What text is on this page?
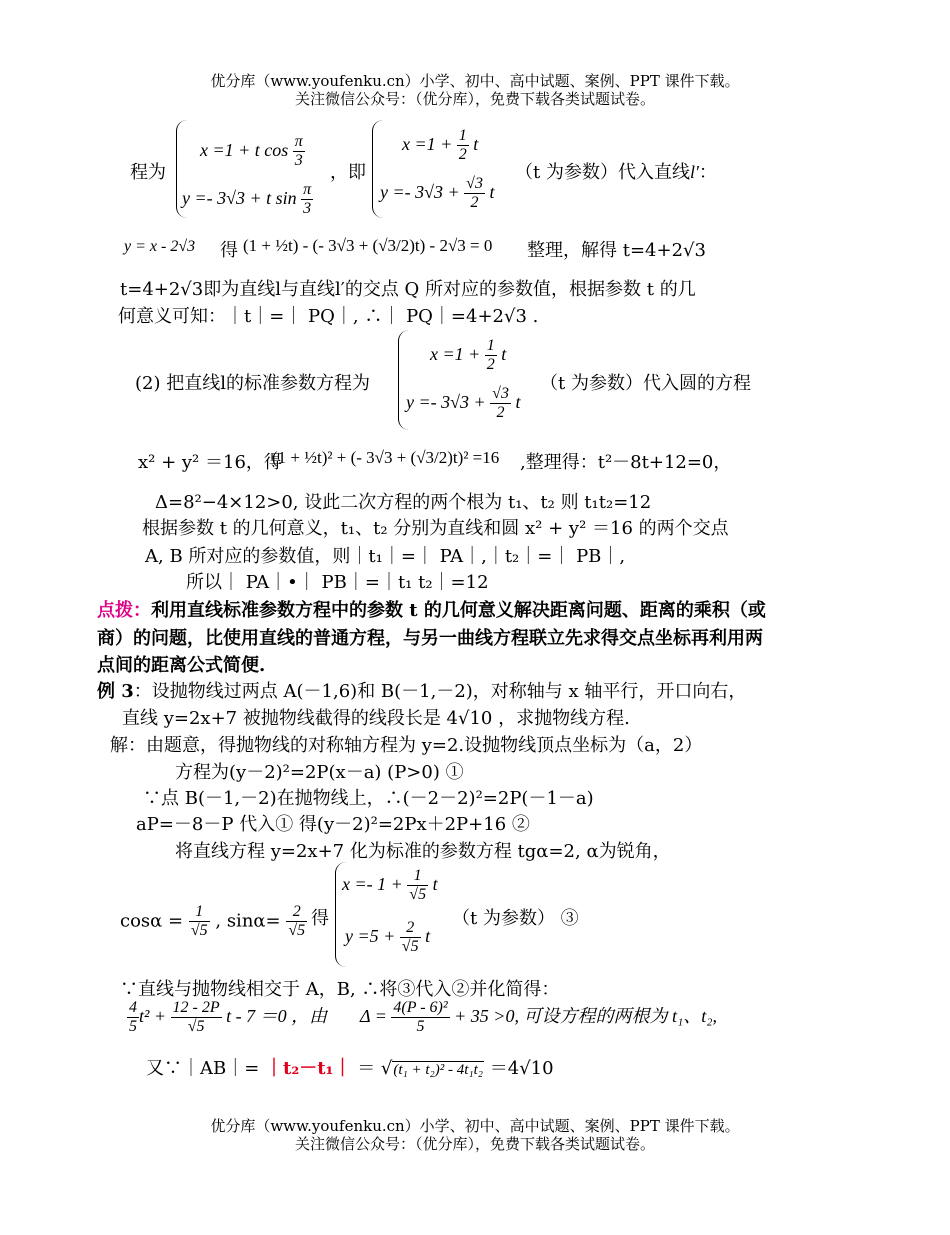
优分库（www.youfenku.cn）小学、初中、高中试题、案例、PPT 课件下载。
关注微信公众号：（优分库），免费下载各类试题试卷。
程为
x =1 + t $\cos \frac{\pi}{3}$
y =- 3√3 + t $\sin \frac{\pi}{3}$
，即
$x =1 + \frac{1}{2}$ t
$y =- 3√3 + \frac{√3}{2}$ t
（t 为参数）代入直线l′：
y = x - 2√3 得 (1 + ½t) - (- 3√3 + (√3/2)t) - 2√3 = 0 整理，解得 t=4+2√3
t=4+2√3即为直线l与直线l′的交点 Q 所对应的参数值，根据参数 t 的几
何意义可知：｜t｜=｜ PQ｜, ∴｜ PQ｜=4+2√3 .
(2) 把直线l的标准参数方程为
$x =1 + \frac{1}{2}$ t
$y =- 3√3 + \frac{√3}{2}$ t
（t 为参数）代入圆的方程
x² + y² ＝16，得
(1 + ½t)² + (- 3√3 + (√3/2)t)² =16 ,整理得：t²－8t+12=0，
Δ=8²−4×12>0, 设此二次方程的两个根为 t₁、t₂ 则 t₁t₂=12
根据参数 t 的几何意义，t₁、t₂ 分别为直线和圆 x² + y² ＝16 的两个交点
A, B 所对应的参数值，则｜t₁｜=｜ PA｜,｜t₂｜=｜ PB｜,
所以｜ PA｜•｜ PB｜=｜t₁ t₂｜=12
点拨：利用直线标准参数方程中的参数 t 的几何意义解决距离问题、距离的乘积（或
商）的问题，比使用直线的普通方程，与另一曲线方程联立先求得交点坐标再利用两
点间的距离公式简便.
例 3：设抛物线过两点 A(－1,6)和 B(－1,－2)，对称轴与 x 轴平行，开口向右，
直线 y=2x+7 被抛物线截得的线段长是 4√10 ，求抛物线方程.
解：由题意，得抛物线的对称轴方程为 y=2.设抛物线顶点坐标为（a，2）
方程为(y－2)²=2P(x－a) (P>0) ①
∵点 B(－1,－2)在抛物线上，∴(－2－2)²=2P(－1－a)
aP=－8－P 代入① 得(y－2)²=2Px＋2P+16 ②
将直线方程 y=2x+7 化为标准的参数方程 tgα=2, α为锐角，
$\cos\alpha = \frac{1}{√5}$ , $\sin\alpha= \frac{2}{√5}$ 得
$x =- 1 + \frac{1}{√5}$ t
$y =5 + \frac{2}{√5}$ t
（t 为参数） ③
∵直线与抛物线相交于 A，B, ∴将③代入②并化简得：
$\frac{4}{5} t^2 + \frac{12 - 2P}{√5}$ t - 7 ＝0 ，由 $\Delta = \frac{\text{4(P - 6)²}}{5} + 35 >0$, 可设方程的两根为 t₁、t₂,
又∵｜AB｜= ｜t₂－t₁｜ ＝ √(t₁ + t₂)² - 4t₁t₂ ＝4√10
优分库（www.youfenku.cn）小学、初中、高中试题、案例、PPT 课件下载。
关注微信公众号：（优分库），免费下载各类试题试卷。
